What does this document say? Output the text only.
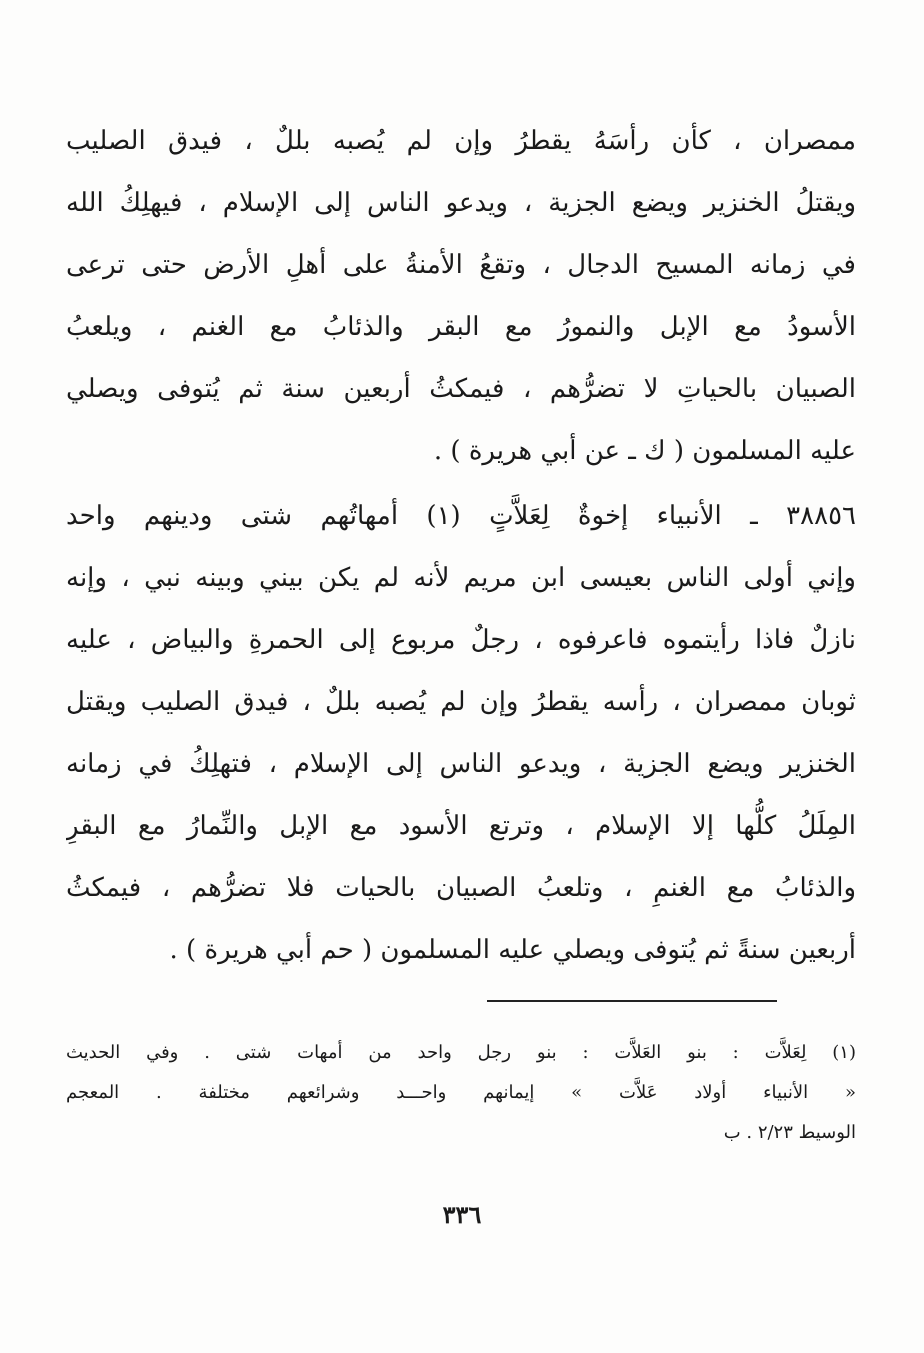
ممصران ، كأن رأسَهُ يقطرُ وإن لم يُصبه بللٌ ، فيدق الصليب
ويقتلُ الخنزير ويضع الجزية ، ويدعو الناس إلى الإسلام ، فيهلِكُ الله
في زمانه المسيح الدجال ، وتقعُ الأمنةُ على أهلِ الأرض حتى ترعى
الأسودُ مع الإبل والنمورُ مع البقر والذئابُ مع الغنم ، ويلعبُ
الصبيان بالحياتِ لا تضرُّهم ، فيمكثُ أربعين سنة ثم يُتوفى ويصلي
عليه المسلمون ( ك ـ عن أبي هريرة ) .
٣٨٨٥٦ ـ الأنبياء إخوةٌ لِعَلاَّتٍ (١) أمهاتُهم شتى ودينهم واحد
وإني أولى الناس بعيسى ابن مريم لأنه لم يكن بيني وبينه نبي ، وإنه
نازلٌ فاذا رأيتموه فاعرفوه ، رجلٌ مربوع إلى الحمرةِ والبياض ، عليه
ثوبان ممصران ، رأسه يقطرُ وإن لم يُصبه بللٌ ، فيدق الصليب ويقتل
الخنزير ويضع الجزية ، ويدعو الناس إلى الإسلام ، فتهلِكُ في زمانه
المِلَلُ كلُّها إلا الإسلام ، وترتع الأسود مع الإبل والنِّمارُ مع البقرِ
والذئابُ مع الغنمِ ، وتلعبُ الصبيان بالحيات فلا تضرُّهم ، فيمكثُ
أربعين سنةً ثم يُتوفى ويصلي عليه المسلمون ( حم أبي هريرة ) .
(١) لِعَلاَّت : بنو العَلاَّت : بنو رجل واحد من أمهات شتى . وفي الحديث
« الأنبياء أولاد عَلاَّت » إيمانهم واحـــد وشرائعهم مختلفة . المعجم
الوسيط ٢/٢٣ . ب
٣٣٦
